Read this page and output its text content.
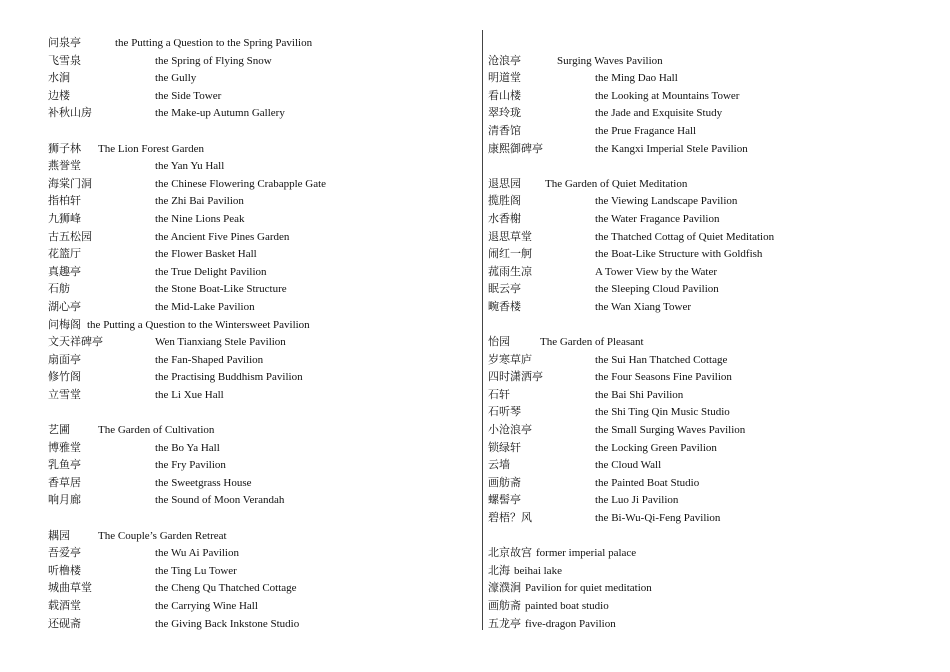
问泉亭	the Putting a Question to the Spring Pavilion
飞雪泉	the Spring of Flying Snow
水涧	the Gully
边楼	the Side Tower
补秋山房	the Make-up Autumn Gallery
狮子林 The Lion Forest Garden
燕誉堂	the Yan Yu Hall
海棠门洞	the Chinese Flowering Crabapple Gate
指柏轩	the Zhi Bai Pavilion
九狮峰	the Nine Lions Peak
古五松园	the Ancient Five Pines Garden
花篮厅	the Flower Basket Hall
真趣亭	the True Delight Pavilion
石舫	the Stone Boat-Like Structure
湖心亭	the Mid-Lake Pavilion
问梅阁 the Putting a Question to the Wintersweet Pavilion
文天祥碑亭	Wen Tianxiang Stele Pavilion
扇面亭	the Fan-Shaped Pavilion
修竹阁	the Practising Buddhism Pavilion
立雪堂	the Li Xue Hall
艺圃	The Garden of Cultivation
博雅堂	the Bo Ya Hall
乳鱼亭	the Fry Pavilion
香草居	the Sweetgrass House
响月廊	the Sound of Moon Verandah
耦园	The Couple’s Garden Retreat
吾爱亭	the Wu Ai Pavilion
听橹楼	the Ting Lu Tower
城曲草堂	the Cheng Qu Thatched Cottage
载酒堂	the Carrying Wine Hall
还砚斋	the Giving Back Inkstone Studio
沧浪亭	Surging Waves Pavilion
明道堂	the Ming Dao Hall
看山楼	the Looking at Mountains Tower
翠玲珑	the Jade and Exquisite Study
清香馆	the Prue Fragance Hall
康熙御碑亭	the Kangxi Imperial Stele Pavilion
退思园 The Garden of Quiet Meditation
揽胜阁	the Viewing Landscape Pavilion
水香榭	the Water Fragance Pavilion
退思草堂	the Thatched Cottag of Quiet Meditation
闹红一舸	the Boat-Like Structure with Goldfish
菰雨生凉	A Tower View by the Water
眠云亭	the Sleeping Cloud Pavilion
畹香楼	the Wan Xiang Tower
怡园	The Garden of Pleasant
岁寒草庐	the Sui Han Thatched Cottage
四时潇洒亭	the Four Seasons Fine Pavilion
石轩	the Bai Shi Pavilion
石听琴	the Shi Ting Qin Music Studio
小沧浪亭	the Small Surging Waves Pavilion
锁绿轩	the Locking Green Pavilion
云墙	the Cloud Wall
画舫斋	the Painted Boat Studio
螺髻亭	the Luo Ji Pavilion
碧梧？风	the Bi-Wu-Qi-Feng Pavilion
北京故宫 former imperial palace
北海 beihai lake
濠濮涧 Pavilion for quiet meditation
画舫斋 painted boat studio
五龙亭 five-dragon Pavilion
